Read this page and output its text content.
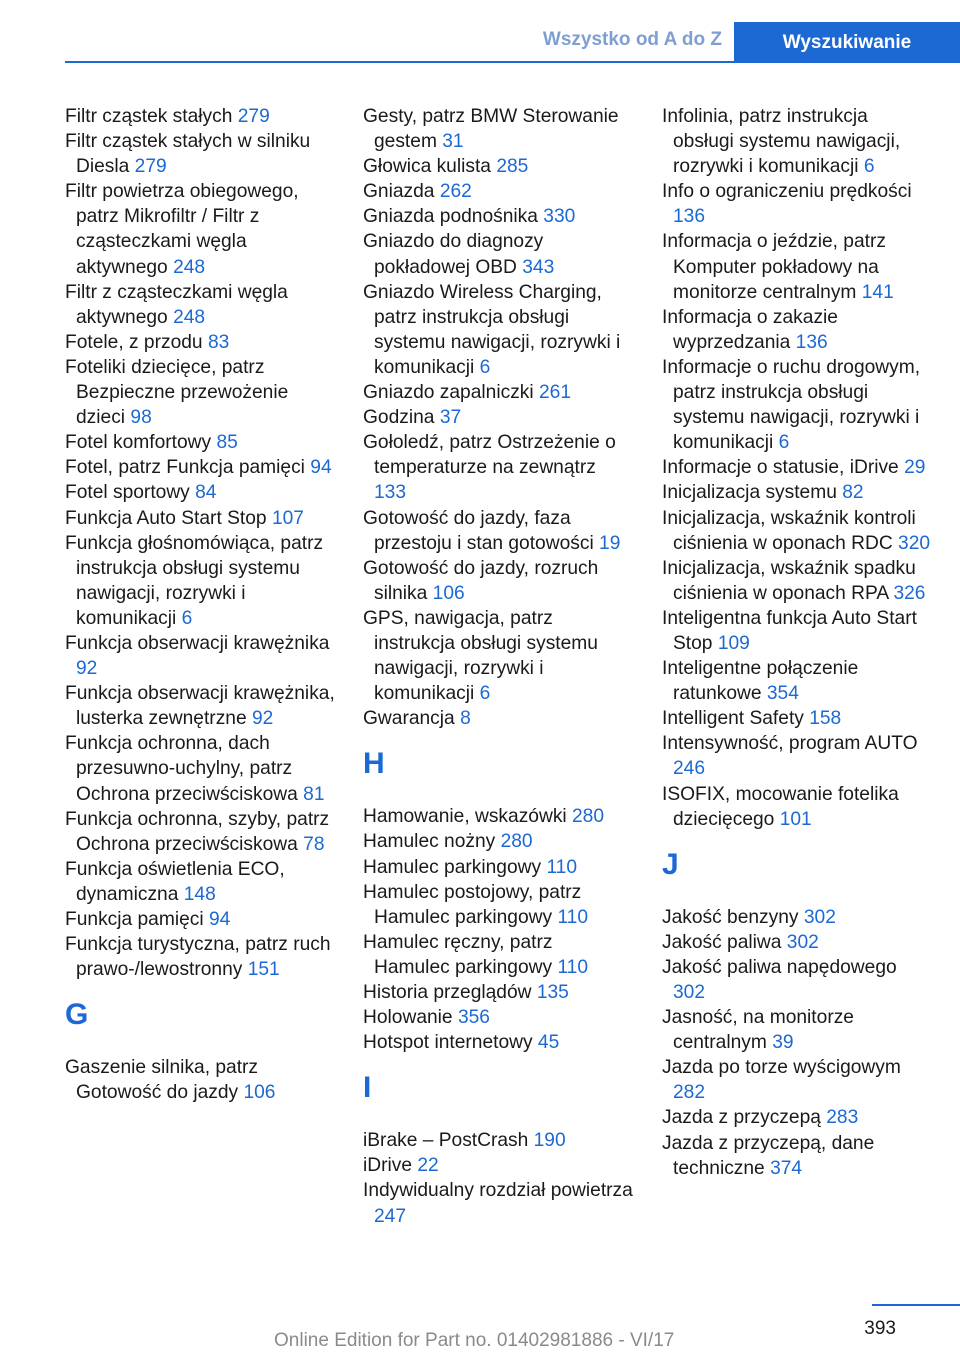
Wszystko od A do Z	Wyszukiwanie
Filtr cząstek stałych 279
Filtr cząstek stałych w silniku Diesla 279
Filtr powietrza obiegowego, patrz Mikrofiltr / Filtr z cząsteczkami węgla aktywnego 248
Filtr z cząsteczkami węgla aktywnego 248
Fotele, z przodu 83
Foteliki dziecięce, patrz Bezpieczne przewożenie dzieci 98
Fotel komfortowy 85
Fotel, patrz Funkcja pamięci 94
Fotel sportowy 84
Funkcja Auto Start Stop 107
Funkcja głośnomówiąca, patrz instrukcja obsługi systemu nawigacji, rozrywki i komunikacji 6
Funkcja obserwacji krawężnika 92
Funkcja obserwacji krawężnika, lusterka zewnętrzne 92
Funkcja ochronna, dach przesuwno-uchylny, patrz Ochrona przeciwściskowa 81
Funkcja ochronna, szyby, patrz Ochrona przeciwściskowa 78
Funkcja oświetlenia ECO, dynamiczna 148
Funkcja pamięci 94
Funkcja turystyczna, patrz ruch prawo-/lewostronny 151
G
Gaszenie silnika, patrz Gotowość do jazdy 106
Gesty, patrz BMW Sterowanie gestem 31
Głowica kulista 285
Gniazda 262
Gniazda podnośnika 330
Gniazdo do diagnozy pokładowej OBD 343
Gniazdo Wireless Charging, patrz instrukcja obsługi systemu nawigacji, rozrywki i komunikacji 6
Gniazdo zapalniczki 261
Godzina 37
Gołoledź, patrz Ostrzeżenie o temperaturze na zewnątrz 133
Gotowość do jazdy, faza przestoju i stan gotowości 19
Gotowość do jazdy, rozruch silnika 106
GPS, nawigacja, patrz instrukcja obsługi systemu nawigacji, rozrywki i komunikacji 6
Gwarancja 8
H
Hamowanie, wskazówki 280
Hamulec nożny 280
Hamulec parkingowy 110
Hamulec postojowy, patrz Hamulec parkingowy 110
Hamulec ręczny, patrz Hamulec parkingowy 110
Historia przeglądów 135
Holowanie 356
Hotspot internetowy 45
I
iBrake – PostCrash 190
iDrive 22
Indywidualny rozdział powietrza 247
Infolinia, patrz instrukcja obsługi systemu nawigacji, rozrywki i komunikacji 6
Info o ograniczeniu prędkości 136
Informacja o jeździe, patrz Komputer pokładowy na monitorze centralnym 141
Informacja o zakazie wyprzedzania 136
Informacje o ruchu drogowym, patrz instrukcja obsługi systemu nawigacji, rozrywki i komunikacji 6
Informacje o statusie, iDrive 29
Inicjalizacja systemu 82
Inicjalizacja, wskaźnik kontroli ciśnienia w oponach RDC 320
Inicjalizacja, wskaźnik spadku ciśnienia w oponach RPA 326
Inteligentna funkcja Auto Start Stop 109
Inteligentne połączenie ratunkowe 354
Intelligent Safety 158
Intensywność, program AUTO 246
ISOFIX, mocowanie fotelika dziecięcego 101
J
Jakość benzyny 302
Jakość paliwa 302
Jakość paliwa napędowego 302
Jasność, na monitorze centralnym 39
Jazda po torze wyścigowym 282
Jazda z przyczepą 283
Jazda z przyczepą, dane techniczne 374
393
Online Edition for Part no. 01402981886 - VI/17
